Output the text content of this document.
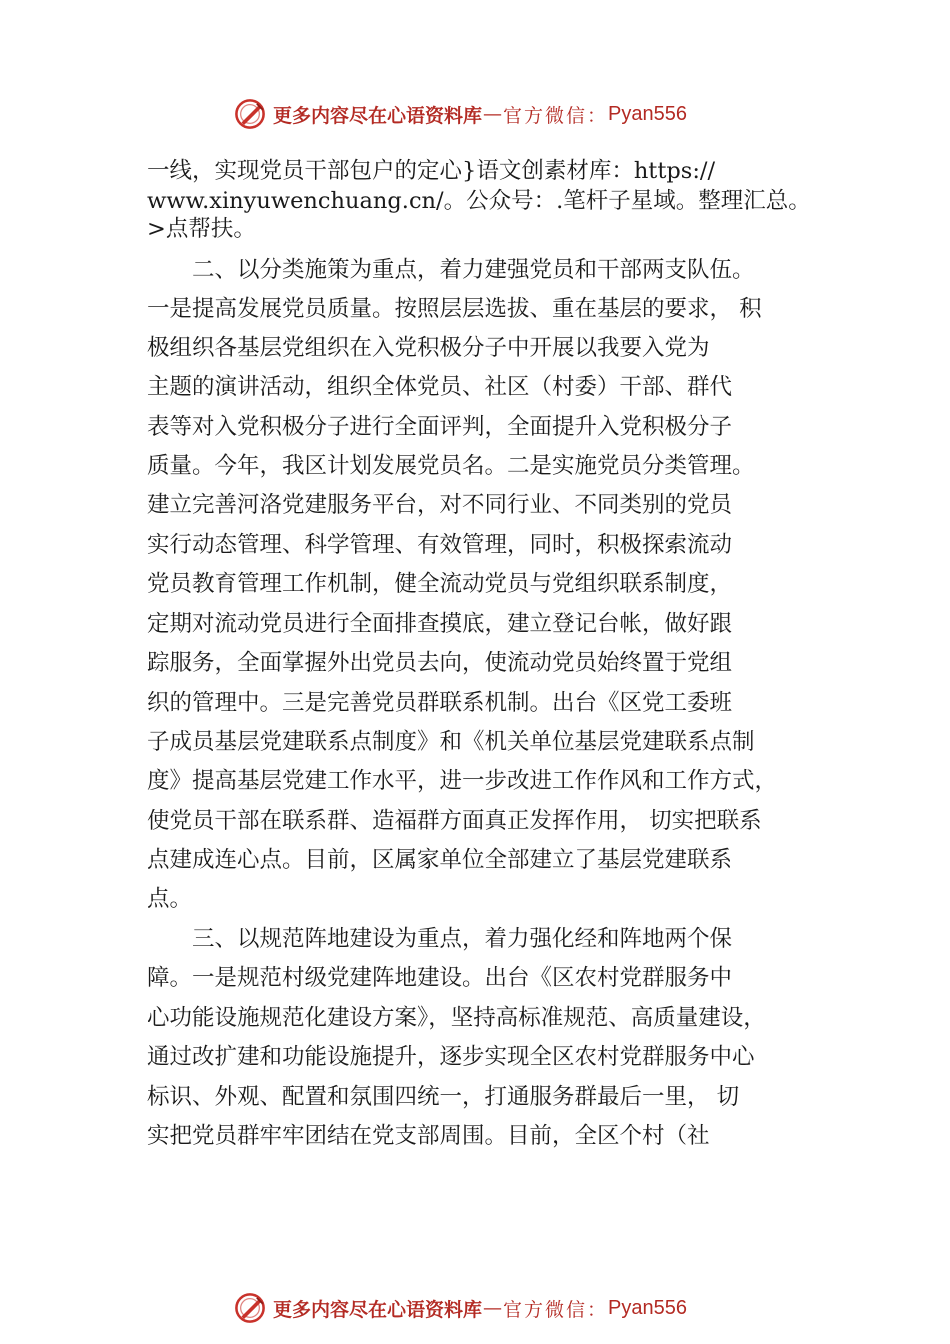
更多内容尽在心语资料库 — 官方微信： Pyan556
一线，实现党员干部包户的定心}语文创素材库：https://
www.xinyuwenchuang.cn/。公众号：.笔杆子星域。整理汇总。
>点帮扶。
二、以分类施策为重点，着力建强党员和干部两支队伍。
一是提高发展党员质量。按照层层选拔、重在基层的要求， 积
极组织各基层党组织在入党积极分子中开展以我要入党为
主题的演讲活动，组织全体党员、社区（村委）干部、群代
表等对入党积极分子进行全面评判，全面提升入党积极分子
质量。今年，我区计划发展党员名。二是实施党员分类管理。
建立完善河洛党建服务平台，对不同行业、不同类别的党员
实行动态管理、科学管理、有效管理，同时，积极探索流动
党员教育管理工作机制，健全流动党员与党组织联系制度，
定期对流动党员进行全面排查摸底，建立登记台帐，做好跟
踪服务，全面掌握外出党员去向，使流动党员始终置于党组
织的管理中。三是完善党员群联系机制。出台《区党工委班
子成员基层党建联系点制度》和《机关单位基层党建联系点制
度》提高基层党建工作水平，进一步改进工作作风和工作方式，
使党员干部在联系群、造福群方面真正发挥作用， 切实把联系
点建成连心点。目前，区属家单位全部建立了基层党建联系
点。
三、以规范阵地建设为重点，着力强化经和阵地两个保
障。一是规范村级党建阵地建设。出台《区农村党群服务中
心功能设施规范化建设方案》，坚持高标准规范、高质量建设，
通过改扩建和功能设施提升，逐步实现全区农村党群服务中心
标识、外观、配置和氛围四统一，打通服务群最后一里， 切
实把党员群牢牢团结在党支部周围。目前，全区个村（社
更多内容尽在心语资料库 — 官方微信： Pyan556
